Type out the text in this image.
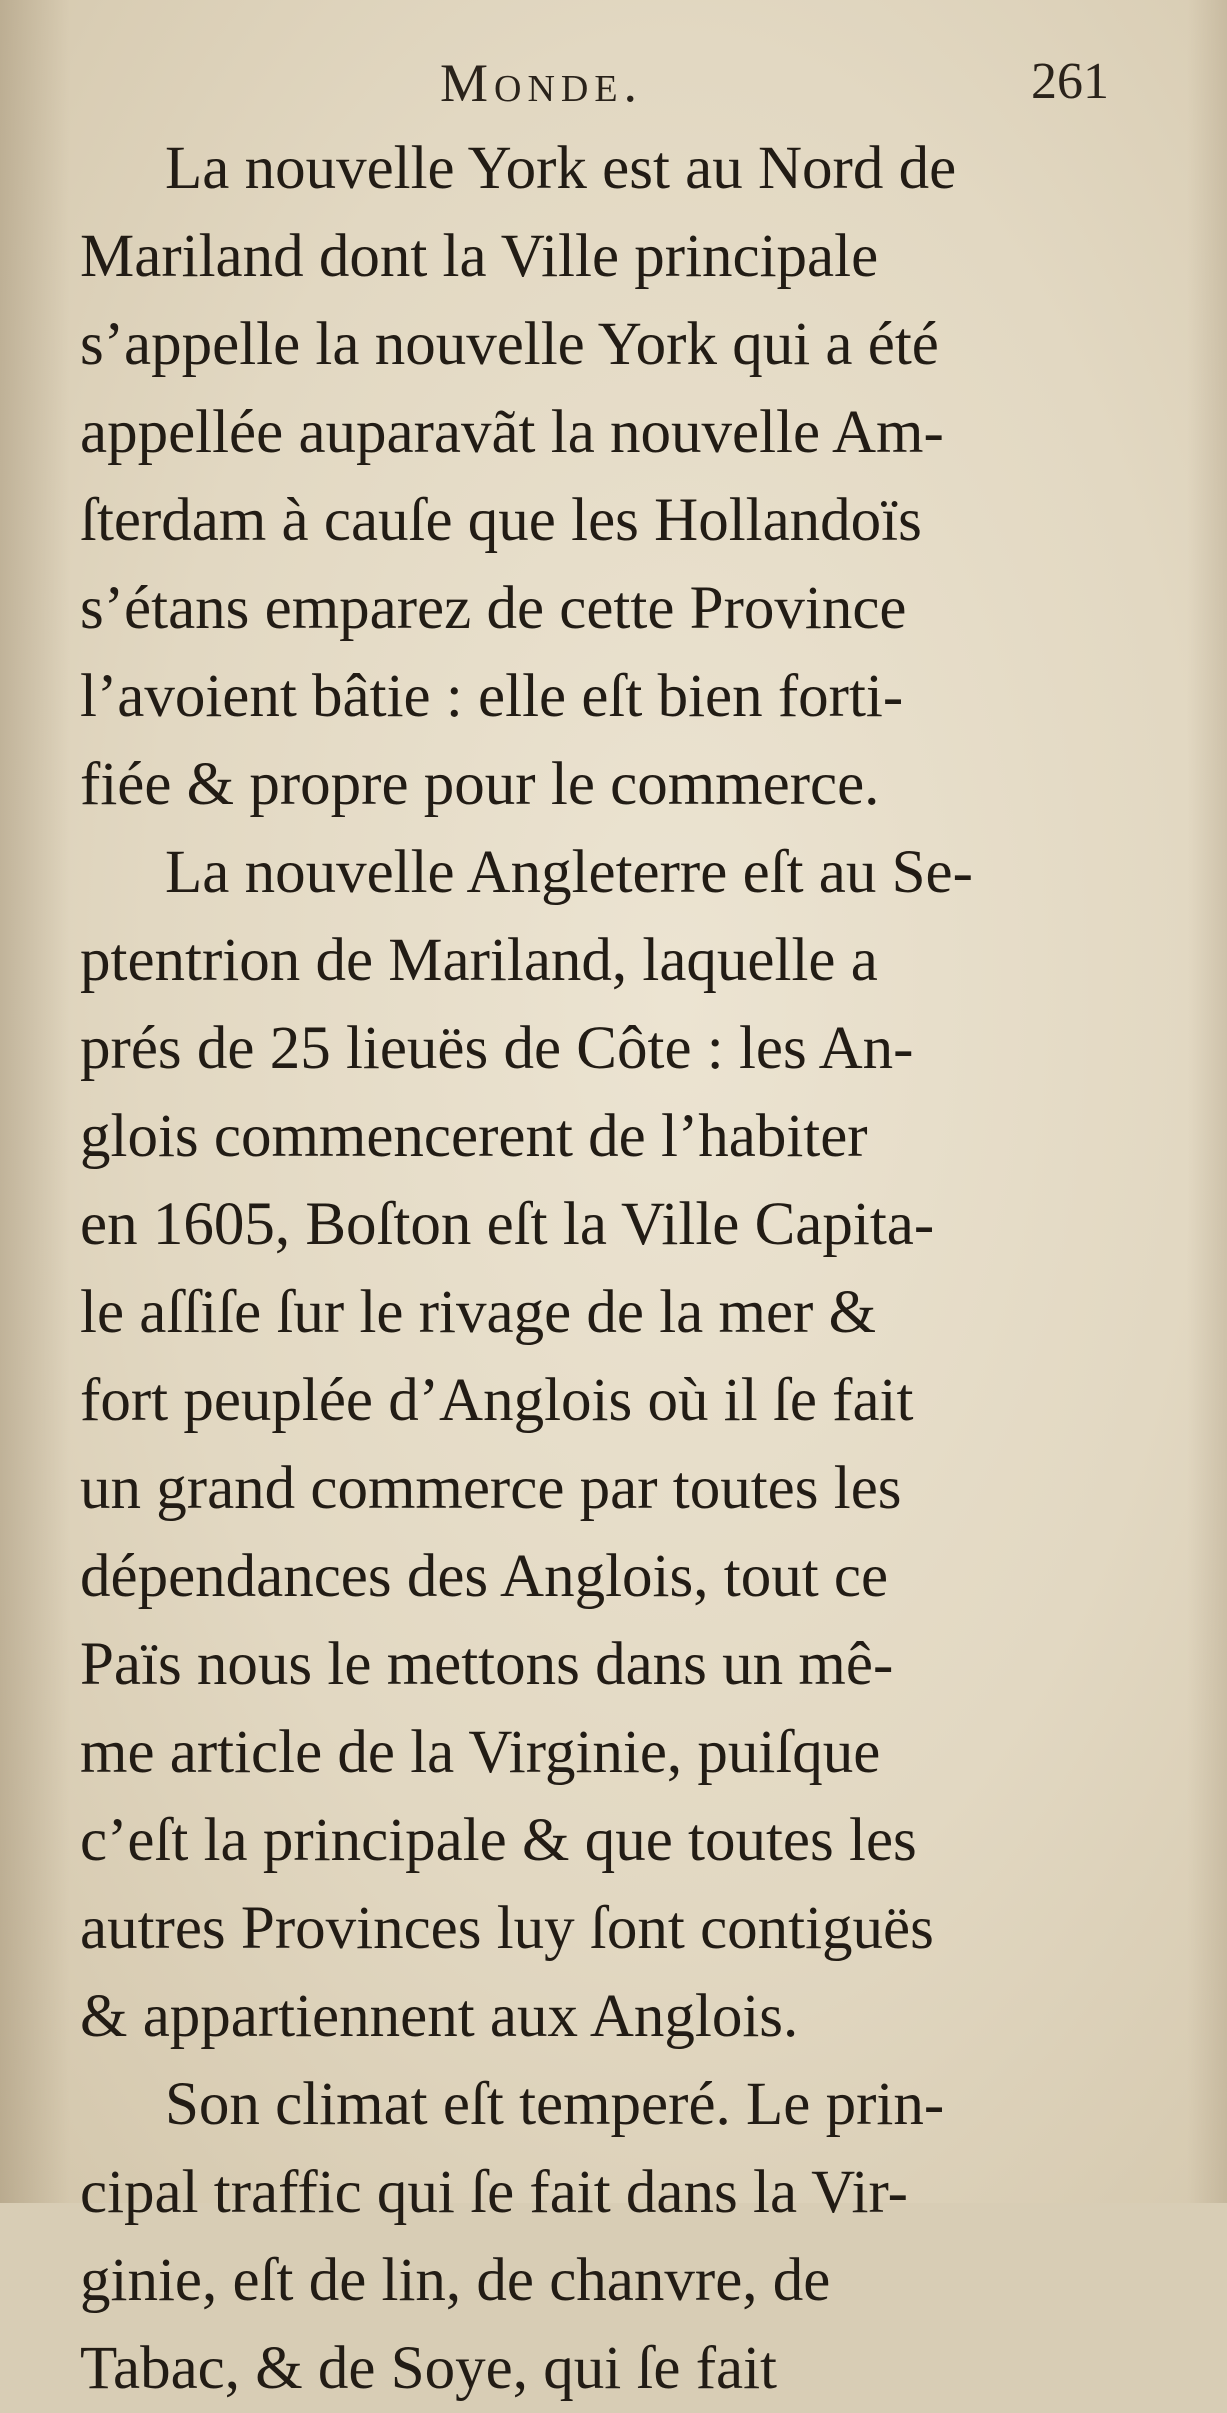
Monde.	261
La nouvelle York est au Nord de
Mariland dont la Ville principale
s’appelle la nouvelle York qui a été
appellée auparavãt la nouvelle Am-
ſterdam à cauſe que les Hollandoïs
s’étans emparez de cette Province
l’avoient bâtie : elle eſt bien forti-
fiée & propre pour le commerce.
La nouvelle Angleterre eſt au Se-
ptentrion de Mariland, laquelle a
prés de 25 lieuës de Côte : les An-
glois commencerent de l’habiter
en 1605, Boſton eſt la Ville Capita-
le aſſiſe ſur le rivage de la mer &
fort peuplée d’Anglois où il ſe fait
un grand commerce par toutes les
dépendances des Anglois, tout ce
Païs nous le mettons dans un mê-
me article de la Virginie, puiſque
c’eſt la principale & que toutes les
autres Provinces luy ſont contiguës
& appartiennent aux Anglois.
Son climat eſt temperé. Le prin-
cipal traffic qui ſe fait dans la Vir-
ginie, eſt de lin, de chanvre, de
Tabac, & de Soye, qui ſe fait
